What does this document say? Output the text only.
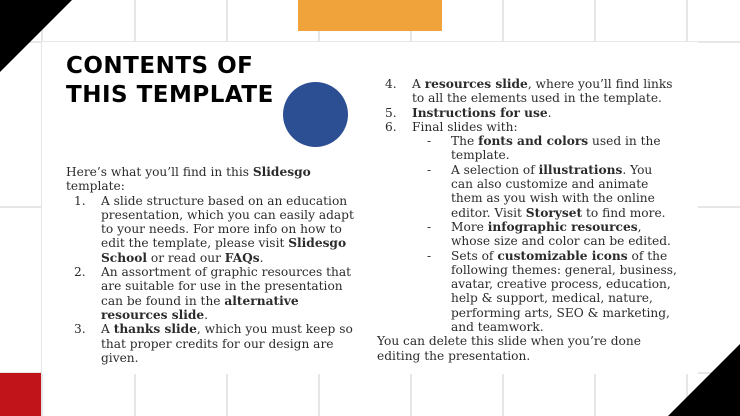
CONTENTS OF
THIS TEMPLATE

Here’s what you’ll find in this Slidesgo template:

1. A slide structure based on an education presentation, which you can easily adapt to your needs. For more info on how to edit the template, please visit Slidesgo School or read our FAQs.
2. An assortment of graphic resources that are suitable for use in the presentation can be found in the alternative resources slide.
3. A thanks slide, which you must keep so that proper credits for our design are given.
4. A resources slide, where you’ll find links to all the elements used in the template.
5. Instructions for use.
6. Final slides with:
- The fonts and colors used in the template.
- A selection of illustrations. You can also customize and animate them as you wish with the online editor. Visit Storyset to find more.
- More infographic resources, whose size and color can be edited.
- Sets of customizable icons of the following themes: general, business, avatar, creative process, education, help & support, medical, nature, performing arts, SEO & marketing, and teamwork.

You can delete this slide when you’re done editing the presentation.
